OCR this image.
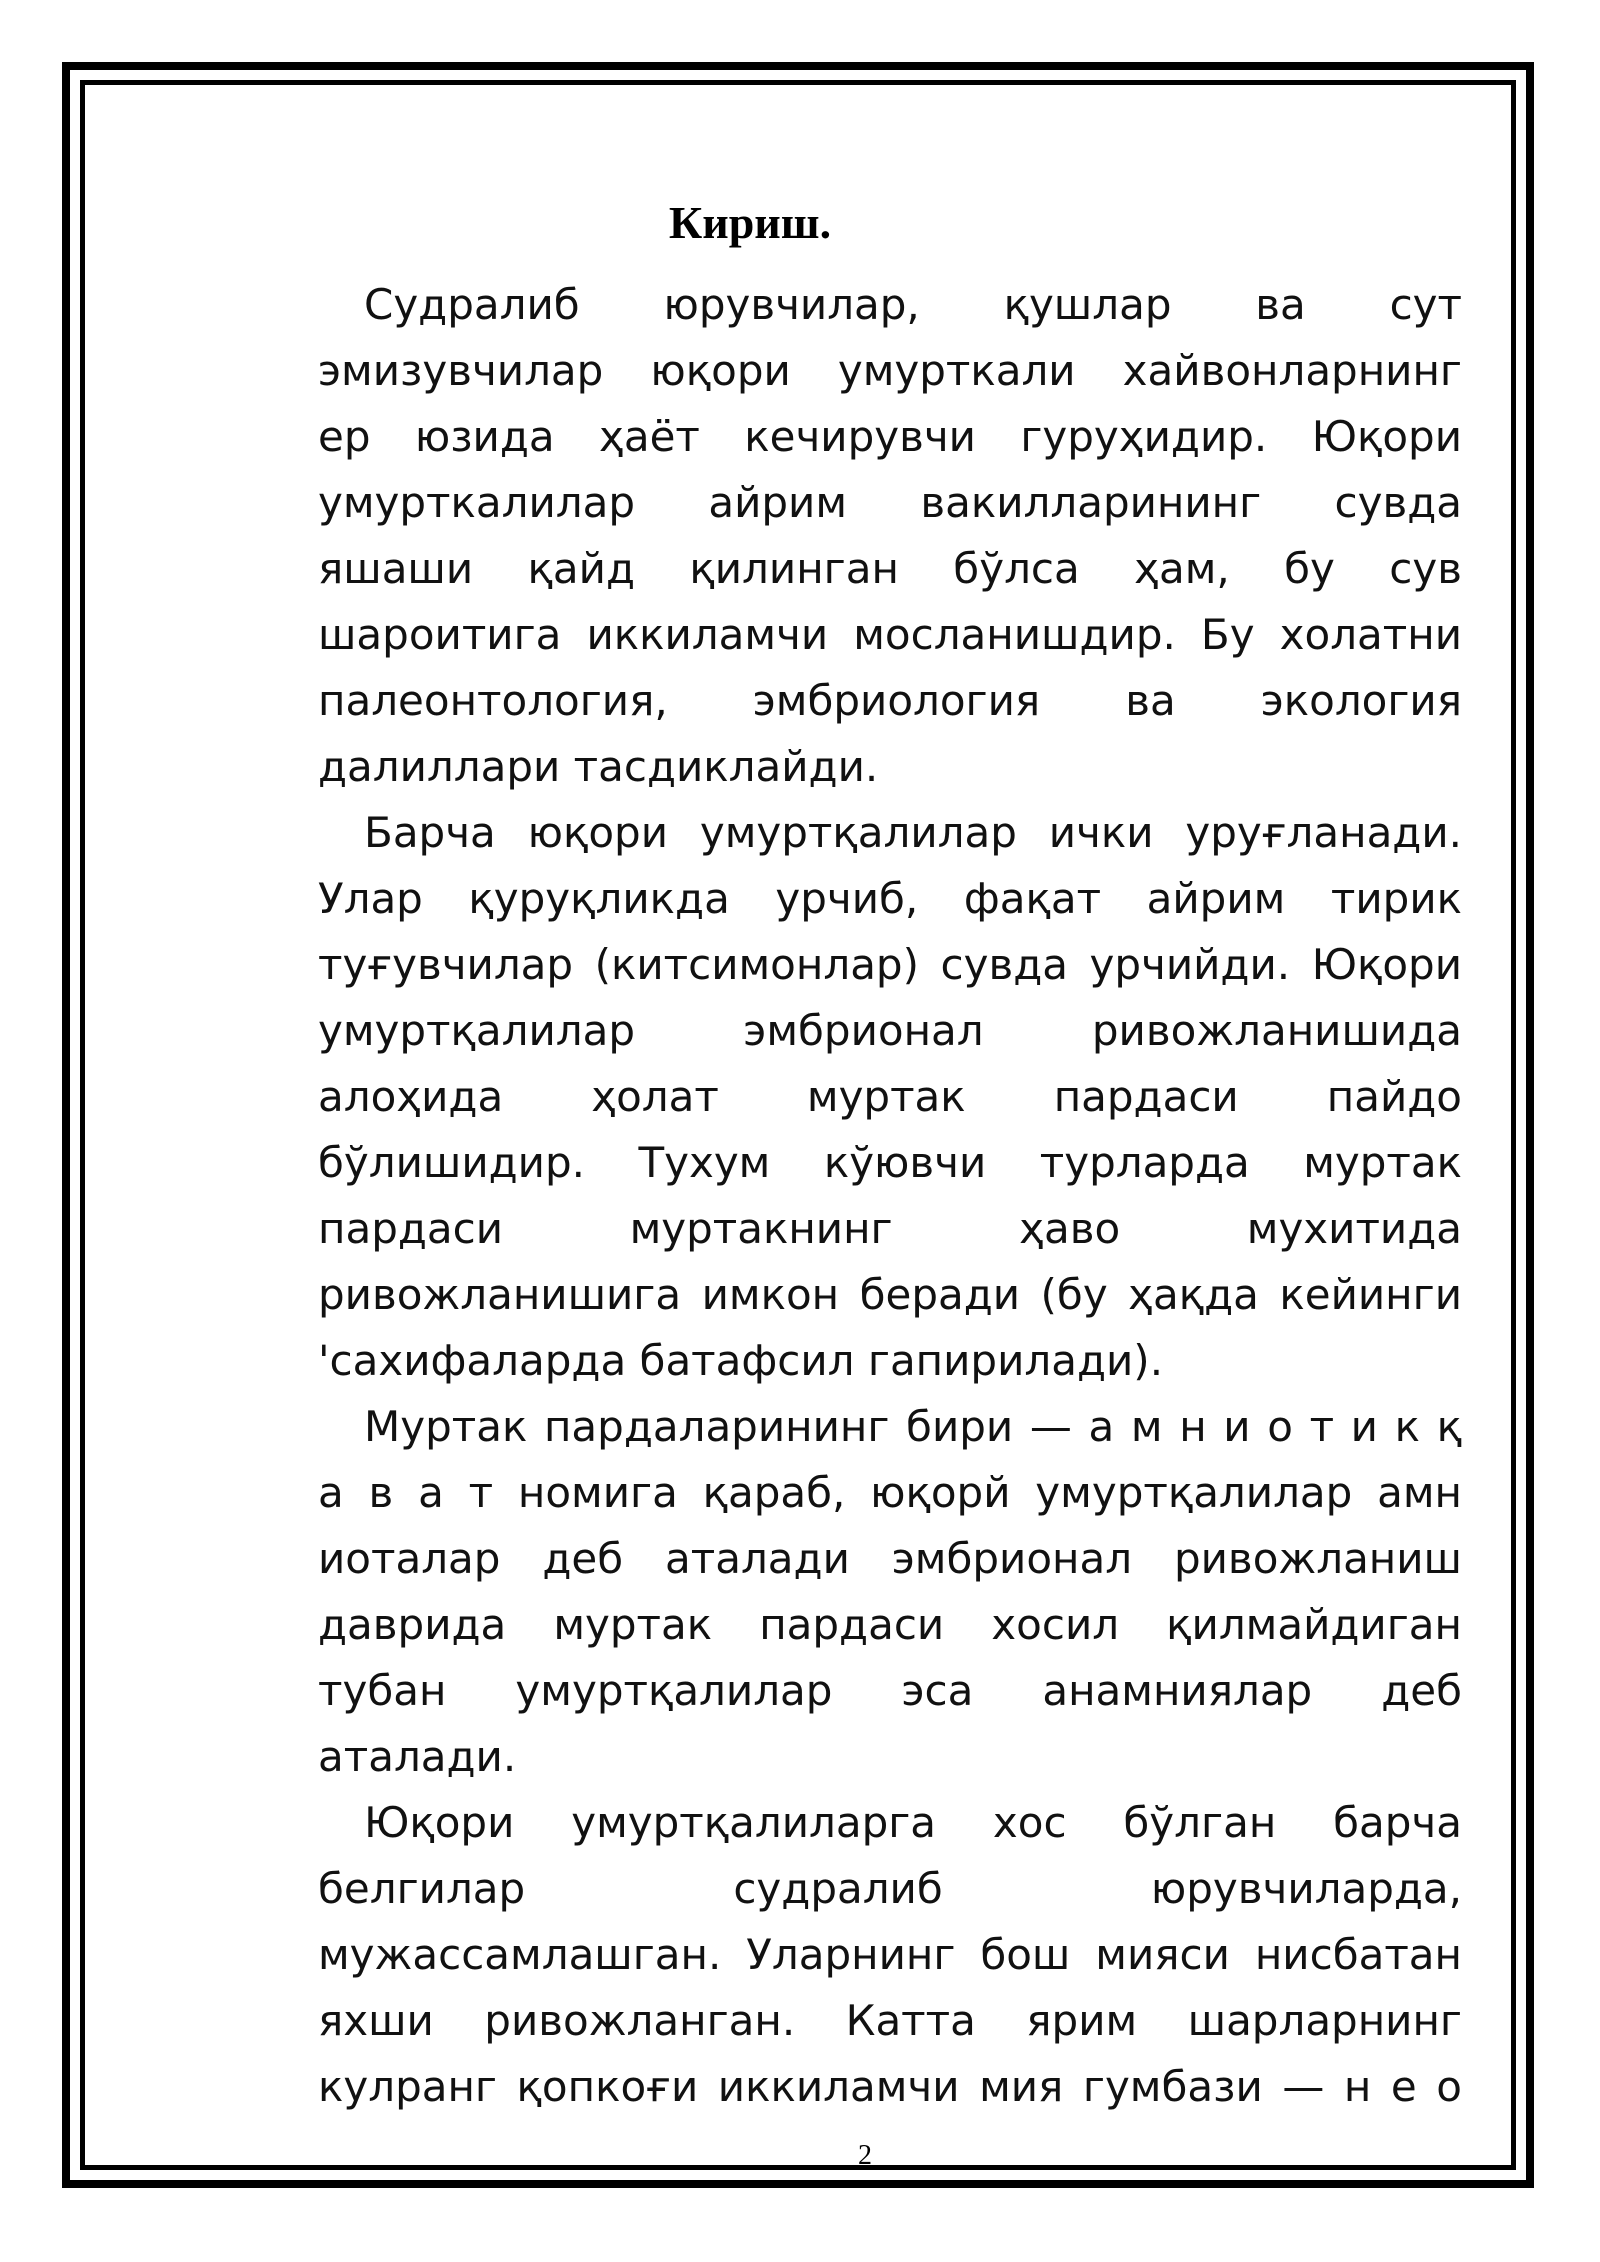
Кириш.

Судралиб юрувчилар, қушлар ва сут
эмизувчилар юқори умурткали хайвонларнинг
ер юзида ҳаёт кечирувчи гуруҳидир. Юқори
умурткалилар айрим вакилларининг сувда
яшаши қайд қилинган бўлса ҳам, бу сув
шароитига иккиламчи мосланишдир. Бу холатни
палеонтология, эмбриология ва экология
далиллари тасдиклайди.

Барча юқори умуртқалилар ички уруғланади.
Улар қуруқликда урчиб, фақат айрим тирик
туғувчилар (китсимонлар) сувда урчийди. Юқори
умуртқалилар эмбрионал ривожланишида
алоҳида ҳолат муртак пардаси пайдо
бўлишидир. Тухум кўювчи турларда муртак
пардаси муртакнинг ҳаво мухитида
ривожланишига имкон беради (бу ҳақда кейинги
'сахифаларда батафсил гапирилади).

Муртак пардаларининг бири — а м н и о т и к қ
а в а т номига қараб, юқорй умуртқалилар амн
иоталар деб аталади эмбрионал ривожланиш
даврида муртак пардаси хосил қилмайдиган
тубан умуртқалилар эса анамниялар деб
аталади.

Юқори умуртқалиларга хос бўлган барча
белгилар судралиб юрувчиларда,
мужассамлашган. Уларнинг бош мияси нисбатан
яхши ривожланган. Катта ярим шарларнинг
кулранг қопкоғи иккиламчи мия гумбази — н е о

2
